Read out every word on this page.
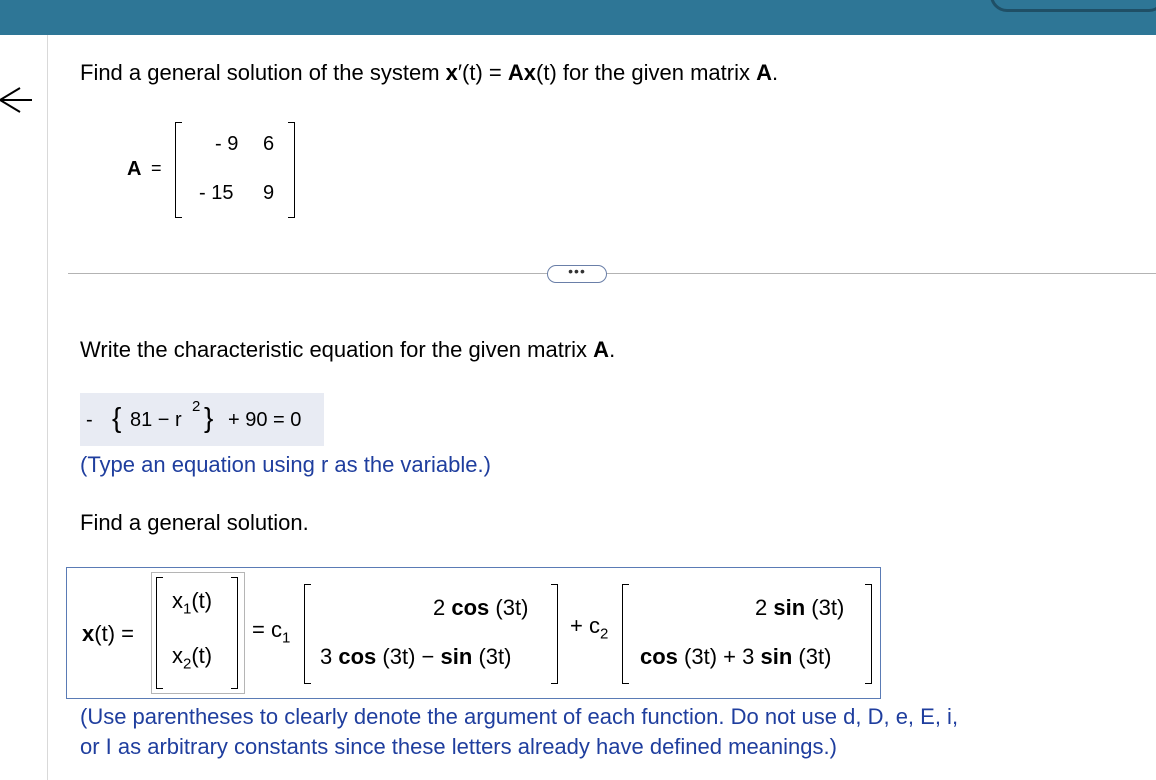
Find a general solution of the system x′(t) = Ax(t) for the given matrix A.
A =
- 9 6
- 15 9
•••
Write the characteristic equation for the given matrix A.
- { 81 − r
2 } + 90 = 0
(Type an equation using r as the variable.)
Find a general solution.
x(t) =
$x_1(t)$
$x_2(t)$
= $c_1$
2 cos (3t)
3 cos (3t) − sin (3t)
+ $c_2$
2 sin (3t)
cos (3t) + 3 sin (3t)
(Use parentheses to clearly denote the argument of each function. Do not use d, D, e, E, i,
or I as arbitrary constants since these letters already have defined meanings.)
